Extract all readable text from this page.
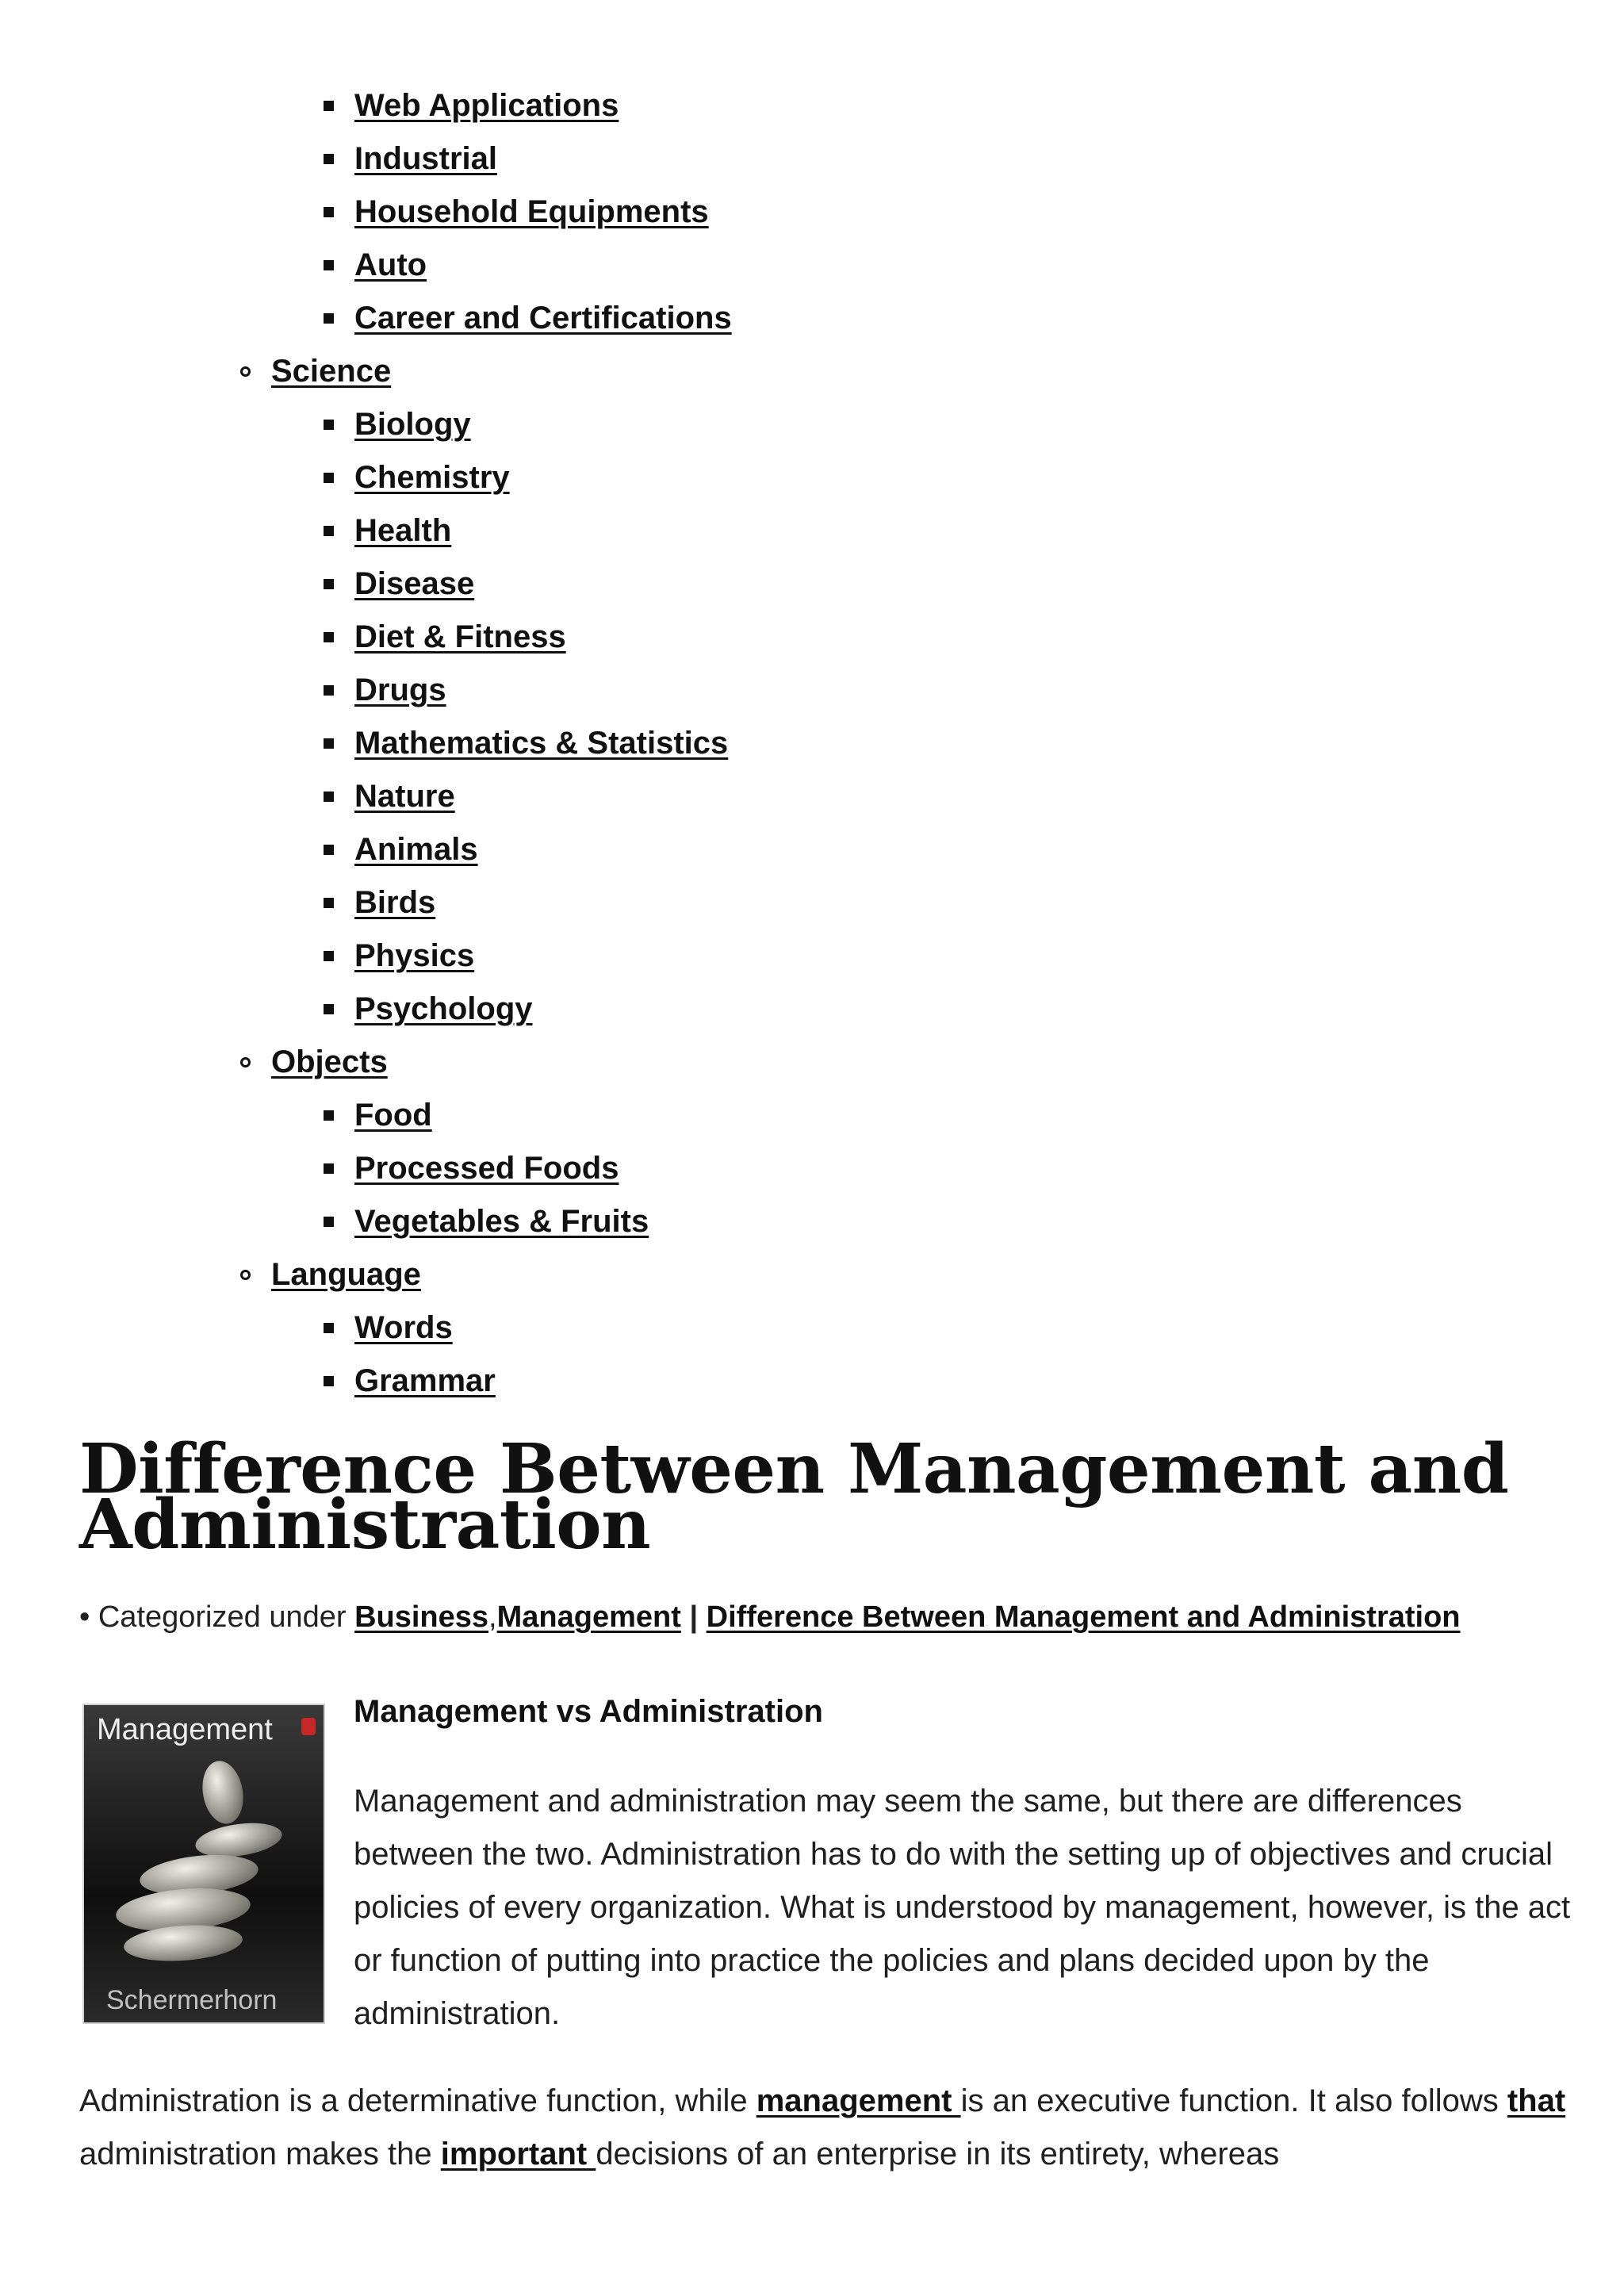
Web Applications
Industrial
Household Equipments
Auto
Career and Certifications
Science
Biology
Chemistry
Health
Disease
Diet & Fitness
Drugs
Mathematics & Statistics
Nature
Animals
Birds
Physics
Psychology
Objects
Food
Processed Foods
Vegetables & Fruits
Language
Words
Grammar
Difference Between Management and Administration
• Categorized under Business,Management | Difference Between Management and Administration
Management
Schermerhorn
Management vs Administration

Management and administration may seem the same, but there are differences between the two. Administration has to do with the setting up of objectives and crucial policies of every organization. What is understood by management, however, is the act or function of putting into practice the policies and plans decided upon by the administration.

Administration is a determinative function, while management is an executive function. It also follows that administration makes the important decisions of an enterprise in its entirety, whereas
